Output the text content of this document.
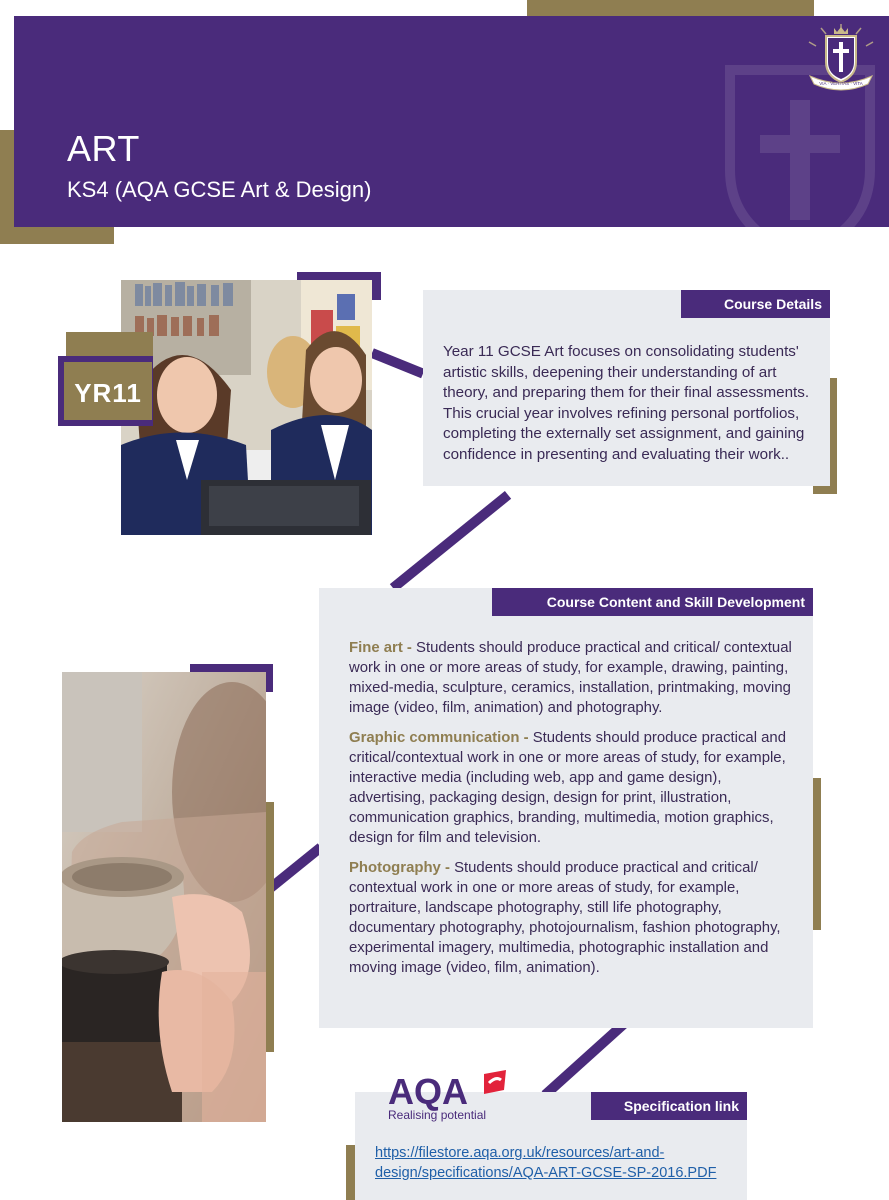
ART
KS4 (AQA GCSE Art & Design)
VIA · VERITAS · VITA
YR11
Course Details
Year 11 GCSE Art focuses on consolidating students' artistic skills, deepening their understanding of art theory, and preparing them for their final assessments. This crucial year involves refining personal portfolios, completing the externally set assignment, and gaining confidence in presenting and evaluating their work..
Course Content and Skill Development

Fine art - Students should produce practical and critical/ contextual work in one or more areas of study, for example, drawing, painting, mixed-media, sculpture, ceramics, installation, printmaking, moving image (video, film, animation) and photography.

Graphic communication - Students should produce practical and critical/contextual work in one or more areas of study, for example, interactive media (including web, app and game design), advertising, packaging design, design for print, illustration, communication graphics, branding, multimedia, motion graphics, design for film and television.

Photography - Students should produce practical and critical/ contextual work in one or more areas of study, for example, portraiture, landscape photography, still life photography, documentary photography, photojournalism, fashion photography, experimental imagery, multimedia, photographic installation and moving image (video, film, animation).

AQA
Realising potential
Specification link
https://filestore.aqa.org.uk/resources/art-and-design/specifications/AQA-ART-GCSE-SP-2016.PDF
